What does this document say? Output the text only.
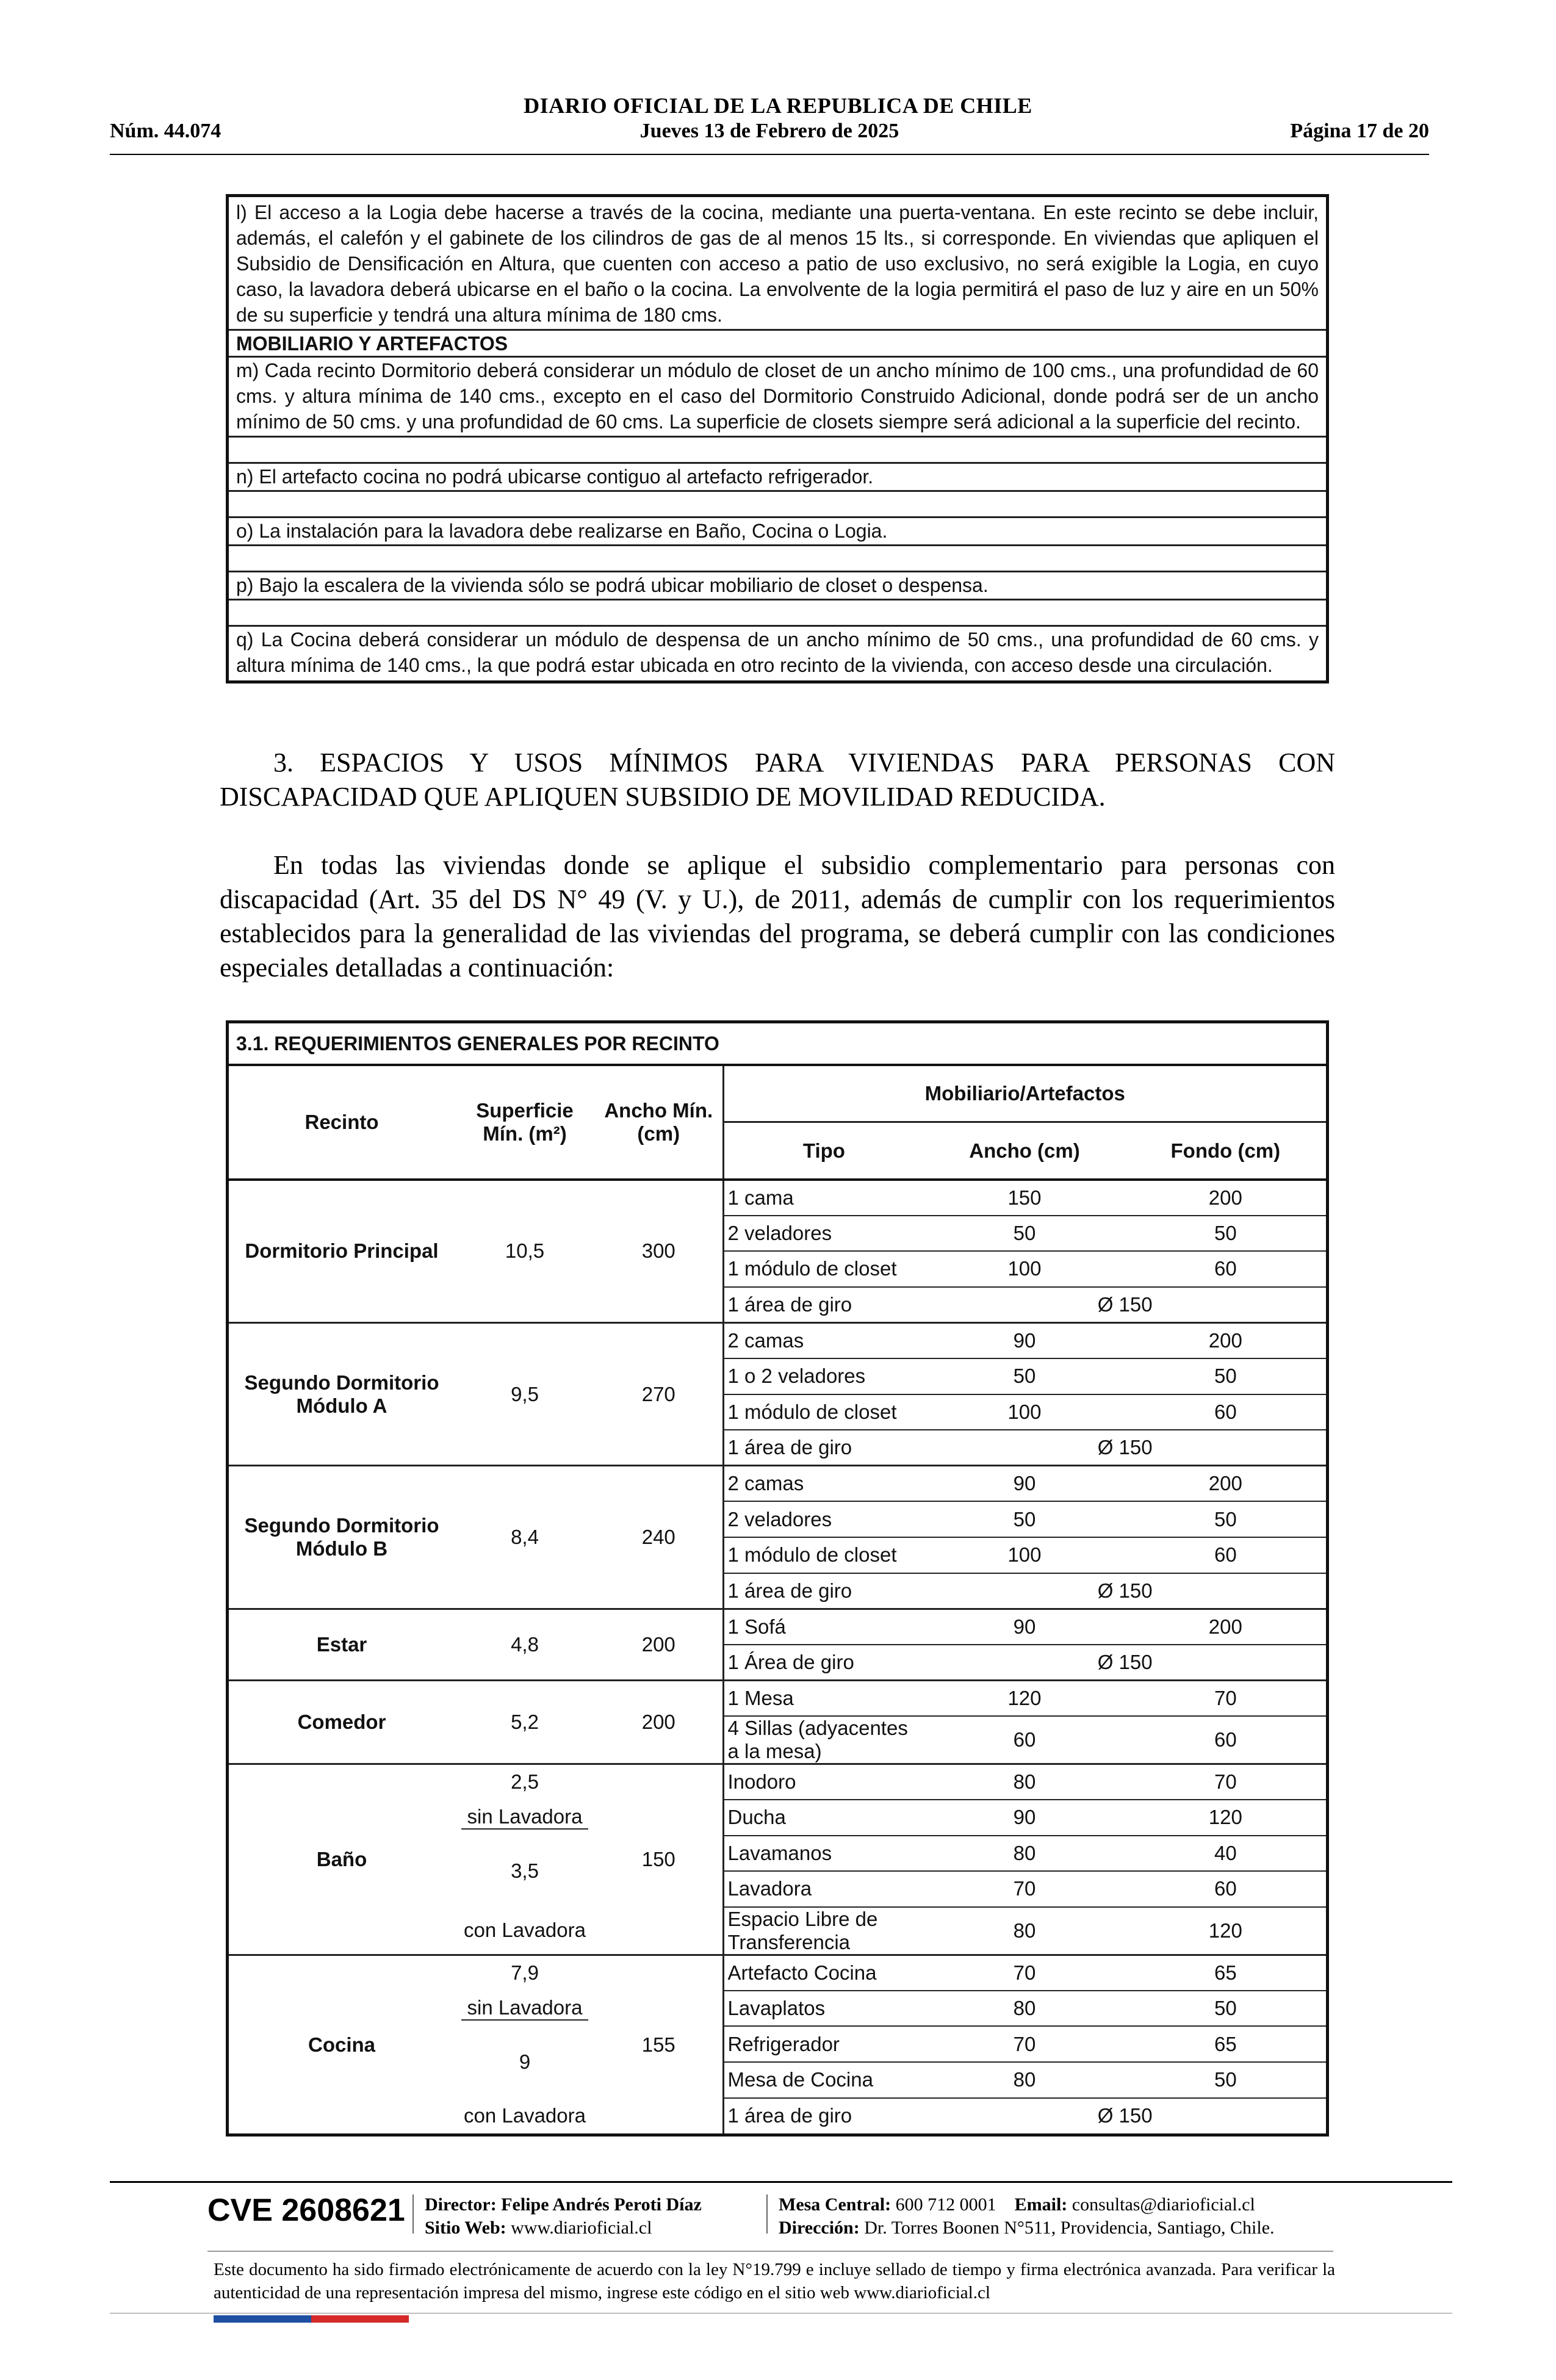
DIARIO OFICIAL DE LA REPUBLICA DE CHILE
Núm. 44.074	Jueves 13 de Febrero de 2025	Página 17 de 20
l) El acceso a la Logia debe hacerse a través de la cocina, mediante una puerta-ventana. En este recinto se debe incluir, además, el calefón y el gabinete de los cilindros de gas de al menos 15 lts., si corresponde. En viviendas que apliquen el Subsidio de Densificación en Altura, que cuenten con acceso a patio de uso exclusivo, no será exigible la Logia, en cuyo caso, la lavadora deberá ubicarse en el baño o la cocina. La envolvente de la logia permitirá el paso de luz y aire en un 50% de su superficie y tendrá una altura mínima de 180 cms.
MOBILIARIO Y ARTEFACTOS
m) Cada recinto Dormitorio deberá considerar un módulo de closet de un ancho mínimo de 100 cms., una profundidad de 60 cms. y altura mínima de 140 cms., excepto en el caso del Dormitorio Construido Adicional, donde podrá ser de un ancho mínimo de 50 cms. y una profundidad de 60 cms. La superficie de closets siempre será adicional a la superficie del recinto.
n) El artefacto cocina no podrá ubicarse contiguo al artefacto refrigerador.
o) La instalación para la lavadora debe realizarse en Baño, Cocina o Logia.
p) Bajo la escalera de la vivienda sólo se podrá ubicar mobiliario de closet o despensa.
q) La Cocina deberá considerar un módulo de despensa de un ancho mínimo de 50 cms., una profundidad de 60 cms. y altura mínima de 140 cms., la que podrá estar ubicada en otro recinto de la vivienda, con acceso desde una circulación.
3. ESPACIOS Y USOS MÍNIMOS PARA VIVIENDAS PARA PERSONAS CON DISCAPACIDAD QUE APLIQUEN SUBSIDIO DE MOVILIDAD REDUCIDA.
En todas las viviendas donde se aplique el subsidio complementario para personas con discapacidad (Art. 35 del DS N° 49 (V. y U.), de 2011, además de cumplir con los requerimientos establecidos para la generalidad de las viviendas del programa, se deberá cumplir con las condiciones especiales detalladas a continuación:
3.1. REQUERIMIENTOS GENERALES POR RECINTO
Recinto	Superficie Mín. (m²)	Ancho Mín. (cm)	Mobiliario/Artefactos		
			Tipo	Ancho (cm)	Fondo (cm)
Dormitorio Principal	10,5	300	1 cama	150	200
			2 veladores	50	50
			1 módulo de closet	100	60
			1 área de giro	Ø 150	
Segundo Dormitorio Módulo A	9,5	270	2 camas	90	200
			1 o 2 veladores	50	50
			1 módulo de closet	100	60
			1 área de giro	Ø 150	
Segundo Dormitorio Módulo B	8,4	240	2 camas	90	200
			2 veladores	50	50
			1 módulo de closet	100	60
			1 área de giro	Ø 150	
Estar	4,8	200	1 Sofá	90	200
			1 Área de giro	Ø 150	
Comedor	5,2	200	1 Mesa	120	70
			4 Sillas (adyacentes a la mesa)	60	60
Baño	2,5	150	Inodoro	80	70
	sin Lavadora		Ducha	90	120
	3,5		Lavamanos	80	40
			Lavadora	70	60
	con Lavadora		Espacio Libre de Transferencia	80	120
Cocina	7,9	155	Artefacto Cocina	70	65
	sin Lavadora		Lavaplatos	80	50
	9		Refrigerador	70	65
			Mesa de Cocina	80	50
	con Lavadora		1 área de giro	Ø 150	
CVE 2608621 Director: Felipe Andrés Peroti Díaz
Sitio Web: www.diarioficial.cl
Mesa Central: 600 712 0001 Email: consultas@diarioficial.cl
Dirección: Dr. Torres Boonen N°511, Providencia, Santiago, Chile.
Este documento ha sido firmado electrónicamente de acuerdo con la ley N°19.799 e incluye sellado de tiempo y firma electrónica avanzada. Para verificar la autenticidad de una representación impresa del mismo, ingrese este código en el sitio web www.diarioficial.cl
